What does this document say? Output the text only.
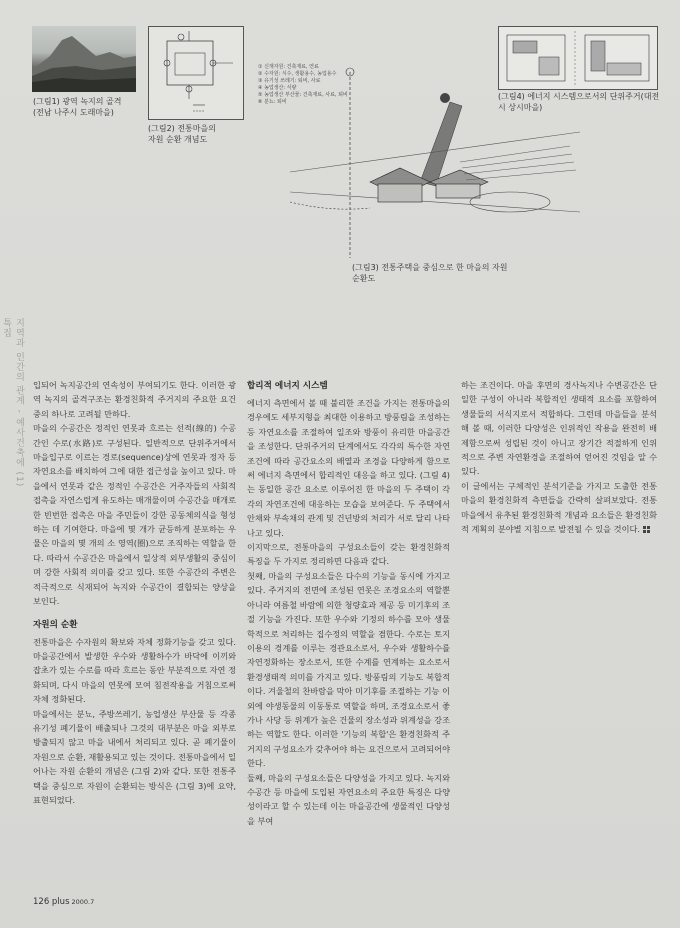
(그림1) 광역 녹지의 골격
(전남 나주시 도래마을)
(그림2) 전통마을의
자원 순환 개념도
① 신재자원: 건축재료, 연료
② 수자원: 식수, 생활용수, 농업용수
③ 유기성 쓰레기: 퇴비, 사료
④ 농업생산: 식량
⑤ 농업생산 부산물: 건축재료, 사료, 퇴비
⑥ 분뇨: 퇴비
(그림3) 전통주택을 중심으로 한 마을의 자원순환도
(그림4) 에너지 시스템으로서의 단위주거(대전시 상시마을)
지역과 인간의 관계 - 예사건축에 (1) 특집

입되어 녹지공간의 연속성이 부여되기도 한다. 이러한 광역 녹지의 골격구조는 환경친화적 주거지의 주요한 요건 중의 하나로 고려될 만하다.

마을의 수공간은 정적인 연못과 흐르는 선적(線的) 수공간인 수로(水路)로 구성된다. 일반적으로 단위주거에서 마을입구로 이르는 경로(sequence)상에 연못과 정자 등 자연요소를 배치하여 그에 대한 접근성을 높이고 있다. 마을에서 연못과 같은 정적인 수공간은 거주자들의 사회적 접촉을 자연스럽게 유도하는 매개물이며 수공간을 매개로 한 빈번한 접촉은 마을 주민들이 강한 공동체의식을 형성하는 데 기여한다. 마을에 몇 개가 균등하게 분포하는 우물은 마을의 몇 개의 소 영역(圈)으로 조직하는 역할을 한다. 따라서 수공간은 마을에서 일상적 외부생활의 중심이며 강한 사회적 의미를 갖고 있다. 또한 수공간의 주변은 적극적으로 식재되어 녹지와 수공간이 결합되는 양상을 보인다.

자원의 순환

전통마을은 수자원의 확보와 자체 정화기능을 갖고 있다. 마을공간에서 발생한 우수와 생활하수가 바닥에 이끼와 잡초가 있는 수로를 따라 흐르는 동안 부분적으로 자연 정화되며, 다시 마을의 연못에 모여 침전작용을 거침으로써 자체 정화된다.

마을에서는 분뇨, 주방쓰레기, 농업생산 부산물 등 각종 유기성 폐기물이 배출되나 그것의 대부분은 마을 외부로 방출되지 않고 마을 내에서 처리되고 있다. 곧 폐기물이 자원으로 순환, 재활용되고 있는 것이다. 전통마을에서 일어나는 자원 순환의 개념은 (그림 2)와 같다. 또한 전통주택을 중심으로 자원이 순환되는 방식은 (그림 3)에 요약, 표현되었다.

합리적 에너지 시스템

에너지 측면에서 볼 때 불리한 조건을 가지는 전통마을의 경우에도 세부지형을 최대한 이용하고 방풍림을 조성하는 등 자연요소를 조절하여 일조와 방풍이 유리한 마을공간을 조성한다. 단위주거의 단계에서도 각각의 특수한 자연조건에 따라 공간요소의 배열과 조경을 다양하게 함으로써 에너지 측면에서 합리적인 대응을 하고 있다. (그림 4)는 동일한 공간 요소로 이루어진 한 마을의 두 주택이 각각의 자연조건에 대응하는 모습을 보여준다. 두 주택에서 안채와 부속채의 관계 및 건년방의 처리가 서로 달리 나타나고 있다.

이지막으로, 전통마을의 구성요소들이 갖는 환경친화적 특징을 두 가지로 정리하면 다음과 같다.

첫째, 마을의 구성요소들은 다수의 기능을 동시에 가지고 있다. 주거지의 전면에 조성된 연못은 조경요소의 역할뿐 아니라 여름철 바람에 의한 청량효과 제공 등 미기후의 조절 기능을 가진다. 또한 우수와 기정의 하수를 모아 생물학적으로 처리하는 집수정의 역할을 겸한다. 수로는 토지이용의 경계를 이루는 경관요소로서, 우수와 생활하수를 자연정화하는 장소로서, 또한 수계를 연계하는 요소로서 환경생태적 의미를 가지고 있다. 방풍림의 기능도 복합적이다. 겨울철의 찬바람을 막아 미기후를 조절하는 기능 이외에 야생동물의 이동통로 역할을 하며, 조경요소로서 좋가나 사당 등 위계가 높은 건물의 장소성과 위계성을 강조하는 역할도 한다. 이러한 '기능의 복합'은 환경친화적 주거지의 구성요소가 갖추어야 하는 요건으로서 고려되어야 한다.

둘째, 마을의 구성요소들은 다양성을 가지고 있다. 녹지와 수공간 등 마을에 도입된 자연요소의 주요한 특징은 다양성이라고 할 수 있는데 이는 마을공간에 생물적인 다양성을 부여

하는 조건이다. 마을 후면의 경사녹지나 수변공간은 단일한 구성이 아니라 복합적인 생태적 요소를 포함하여 생물들의 서식지로서 적합하다. 그런데 마을들을 분석해 볼 때, 이러한 다양성은 인위적인 작용을 완전히 배제함으로써 성립된 것이 아니고 장기간 적절하게 인위적으로 주변 자연환경을 조절하여 얻어진 것임을 알 수 있다.

이 글에서는 구체적인 분석기준을 가지고 도출한 전통마을의 환경친화적 측면들을 간략히 살펴보았다. 전통마을에서 유추된 환경친화적 개념과 요소들은 환경친화적 계획의 분야별 지침으로 발전될 수 있을 것이다.

126 plus 2000.7
